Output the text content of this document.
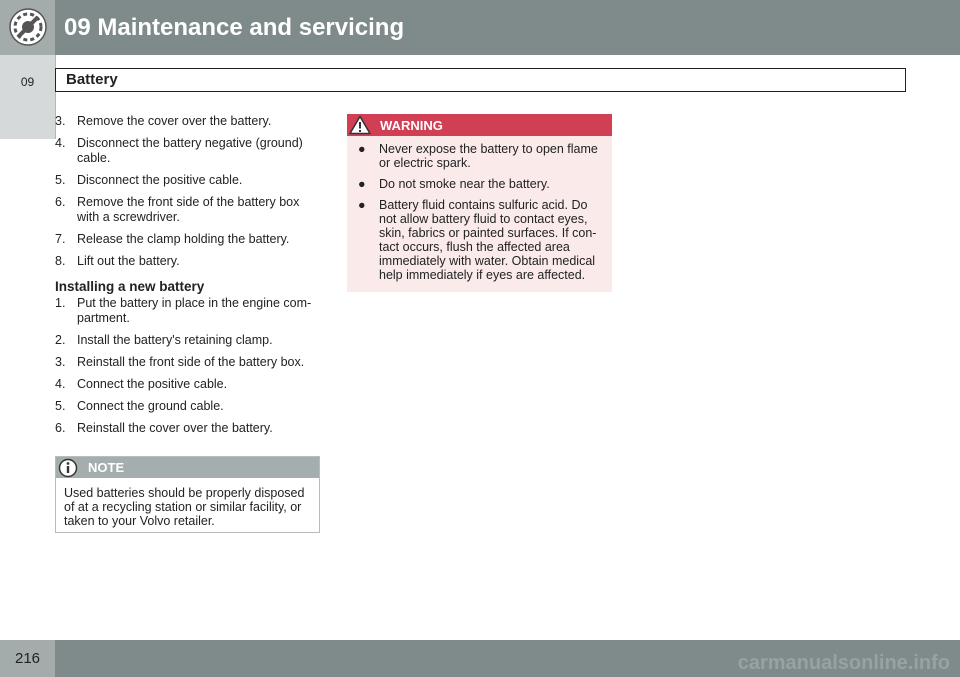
09 Maintenance and servicing
09	Battery
3. Remove the cover over the battery.
4. Disconnect the battery negative (ground) cable.
5. Disconnect the positive cable.
6. Remove the front side of the battery box with a screwdriver.
7. Release the clamp holding the battery.
8. Lift out the battery.
Installing a new battery
1. Put the battery in place in the engine com-partment.
2. Install the battery's retaining clamp.
3. Reinstall the front side of the battery box.
4. Connect the positive cable.
5. Connect the ground cable.
6. Reinstall the cover over the battery.
NOTE
Used batteries should be properly disposed of at a recycling station or similar facility, or taken to your Volvo retailer.
WARNING
● Never expose the battery to open flame or electric spark.
● Do not smoke near the battery.
● Battery fluid contains sulfuric acid. Do not allow battery fluid to contact eyes, skin, fabrics or painted surfaces. If con-tact occurs, flush the affected area immediately with water. Obtain medical help immediately if eyes are affected.
216	carmanualsonline.info
